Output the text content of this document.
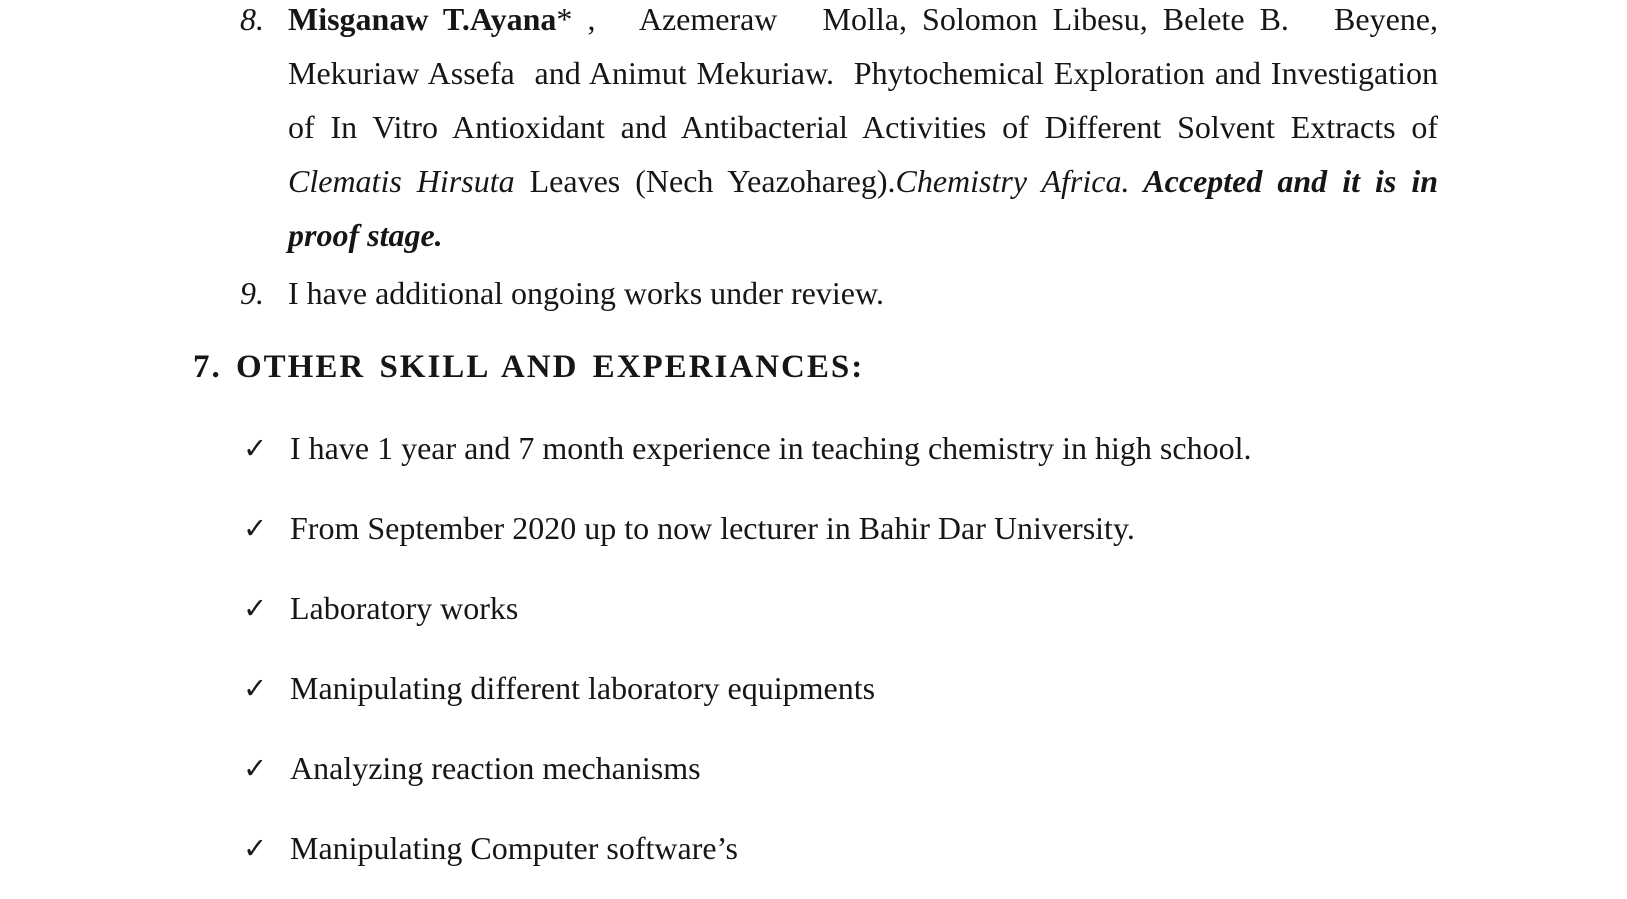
8. Misganaw T.Ayana* ,   Azemeraw   Molla, Solomon Libesu, Belete B.   Beyene,
Mekuriaw Assefa  and Animut Mekuriaw.  Phytochemical Exploration and Investigation
of In Vitro Antioxidant and Antibacterial Activities of Different Solvent Extracts of
Clematis Hirsuta Leaves (Nech Yeazohareg).Chemistry Africa. Accepted and it is in
proof stage.
9. I have additional ongoing works under review.
7. OTHER SKILL AND EXPERIANCES:
✓ I have 1 year and 7 month experience in teaching chemistry in high school.
✓ From September 2020 up to now lecturer in Bahir Dar University.
✓ Laboratory works
✓ Manipulating different laboratory equipments
✓ Analyzing reaction mechanisms
✓ Manipulating Computer software’s
